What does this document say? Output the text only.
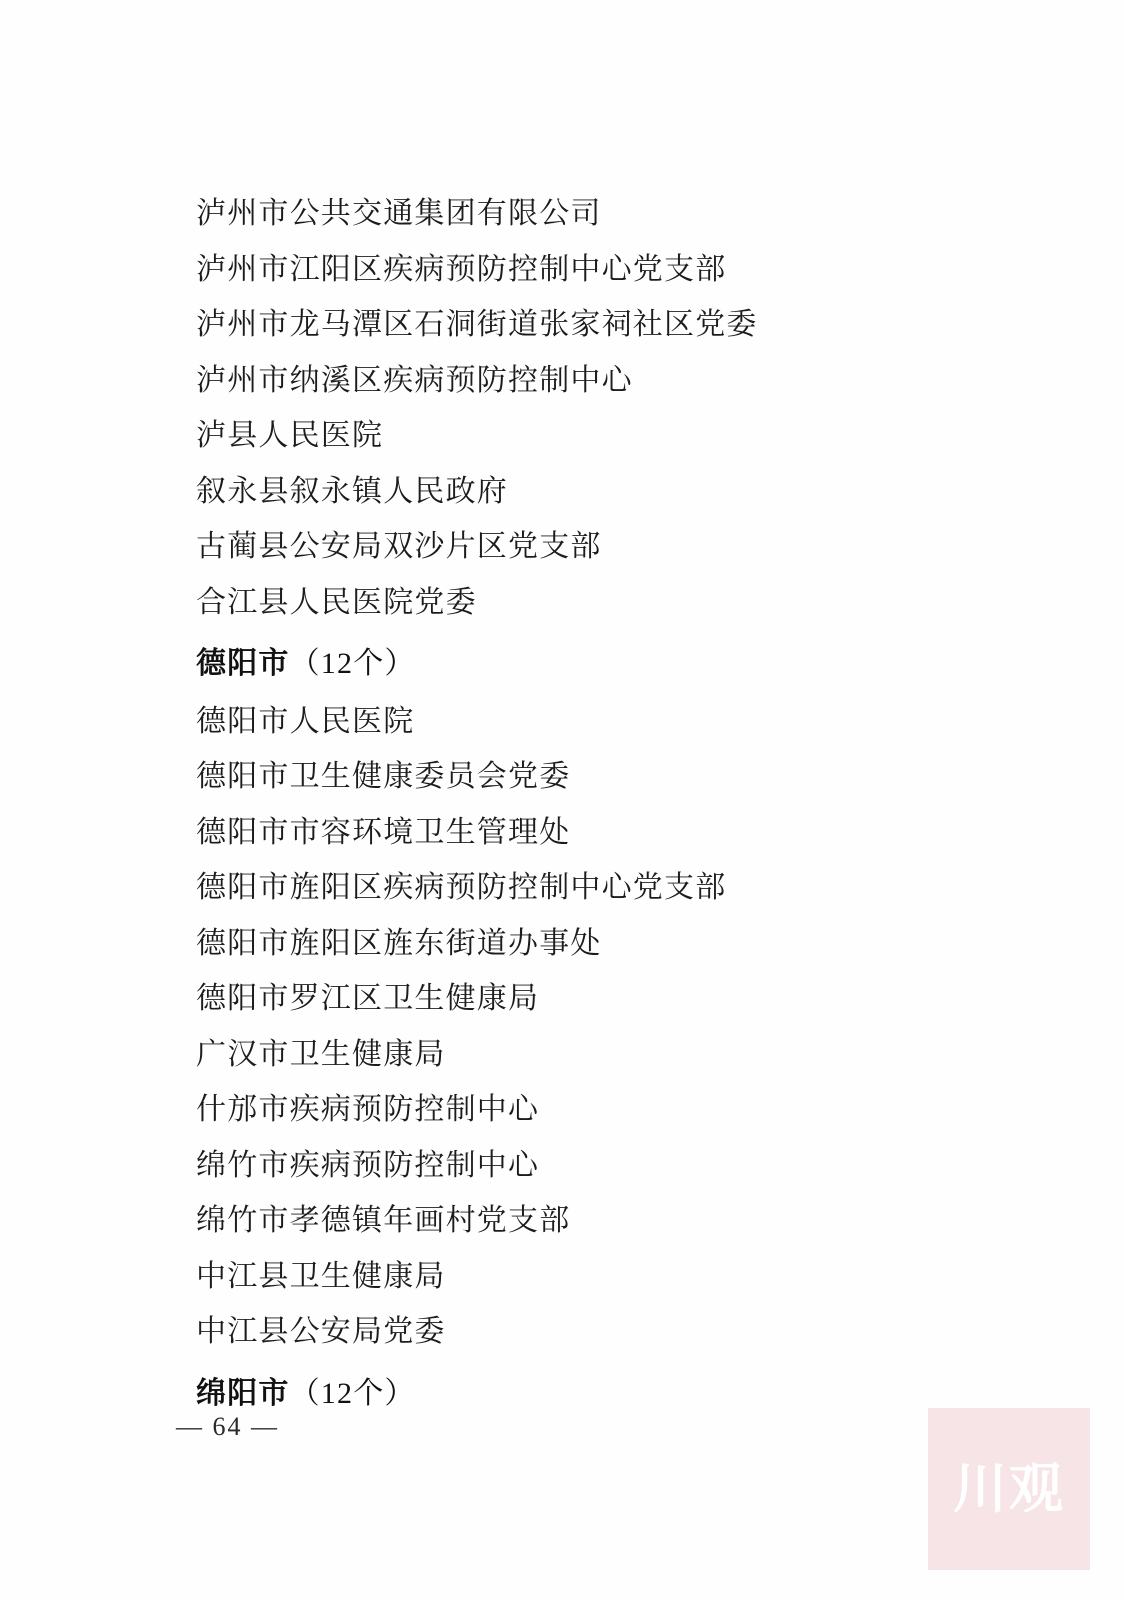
泸州市公共交通集团有限公司
泸州市江阳区疾病预防控制中心党支部
泸州市龙马潭区石洞街道张家祠社区党委
泸州市纳溪区疾病预防控制中心
泸县人民医院
叙永县叙永镇人民政府
古蔺县公安局双沙片区党支部
合江县人民医院党委
德阳市（12个）
德阳市人民医院
德阳市卫生健康委员会党委
德阳市市容环境卫生管理处
德阳市旌阳区疾病预防控制中心党支部
德阳市旌阳区旌东街道办事处
德阳市罗江区卫生健康局
广汉市卫生健康局
什邡市疾病预防控制中心
绵竹市疾病预防控制中心
绵竹市孝德镇年画村党支部
中江县卫生健康局
中江县公安局党委
绵阳市（12个）
— 64 —
川观
